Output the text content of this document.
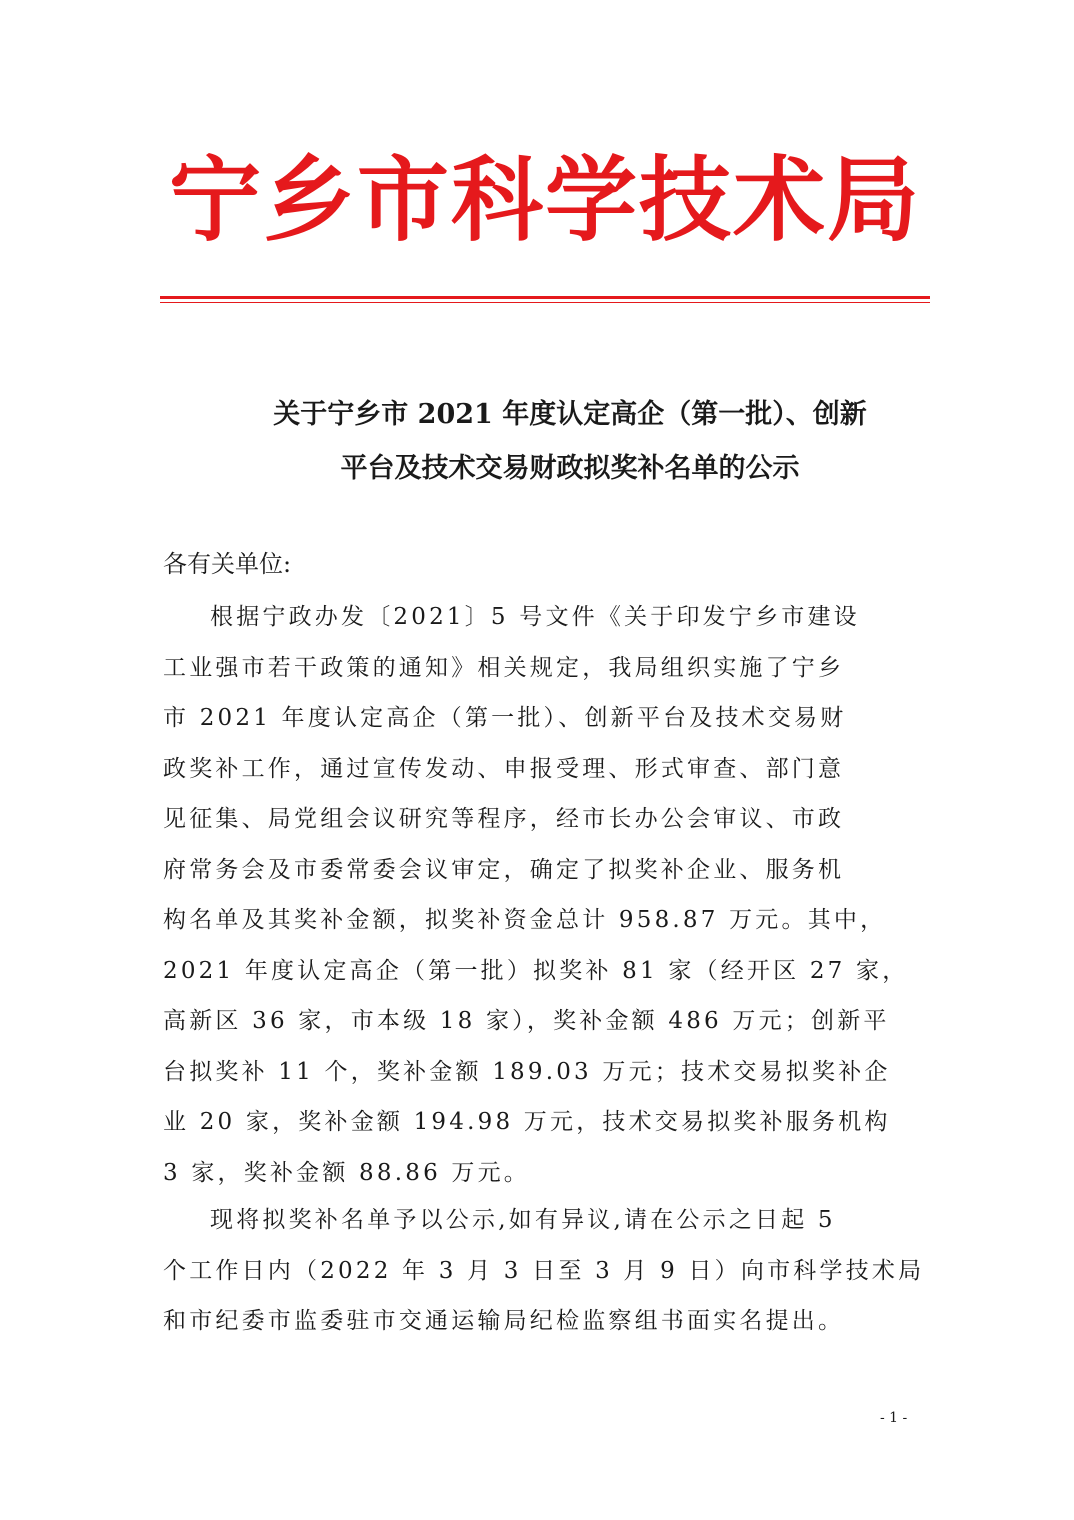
宁乡市科学技术局
关于宁乡市 2021 年度认定高企（第一批）、创新
平台及技术交易财政拟奖补名单的公示
各有关单位:
根据宁政办发〔2021〕5 号文件《关于印发宁乡市建设
工业强市若干政策的通知》相关规定，我局组织实施了宁乡
市 2021 年度认定高企（第一批）、创新平台及技术交易财
政奖补工作，通过宣传发动、申报受理、形式审查、部门意
见征集、局党组会议研究等程序，经市长办公会审议、市政
府常务会及市委常委会议审定，确定了拟奖补企业、服务机
构名单及其奖补金额，拟奖补资金总计 958.87 万元。其中，
2021 年度认定高企（第一批）拟奖补 81 家（经开区 27 家，
高新区 36 家，市本级 18 家），奖补金额 486 万元；创新平
台拟奖补 11 个，奖补金额 189.03 万元；技术交易拟奖补企
业 20 家，奖补金额 194.98 万元，技术交易拟奖补服务机构
3 家，奖补金额 88.86 万元。
现将拟奖补名单予以公示,如有异议,请在公示之日起 5
个工作日内（2022 年 3 月 3 日至 3 月 9 日）向市科学技术局
和市纪委市监委驻市交通运输局纪检监察组书面实名提出。
- 1 -
